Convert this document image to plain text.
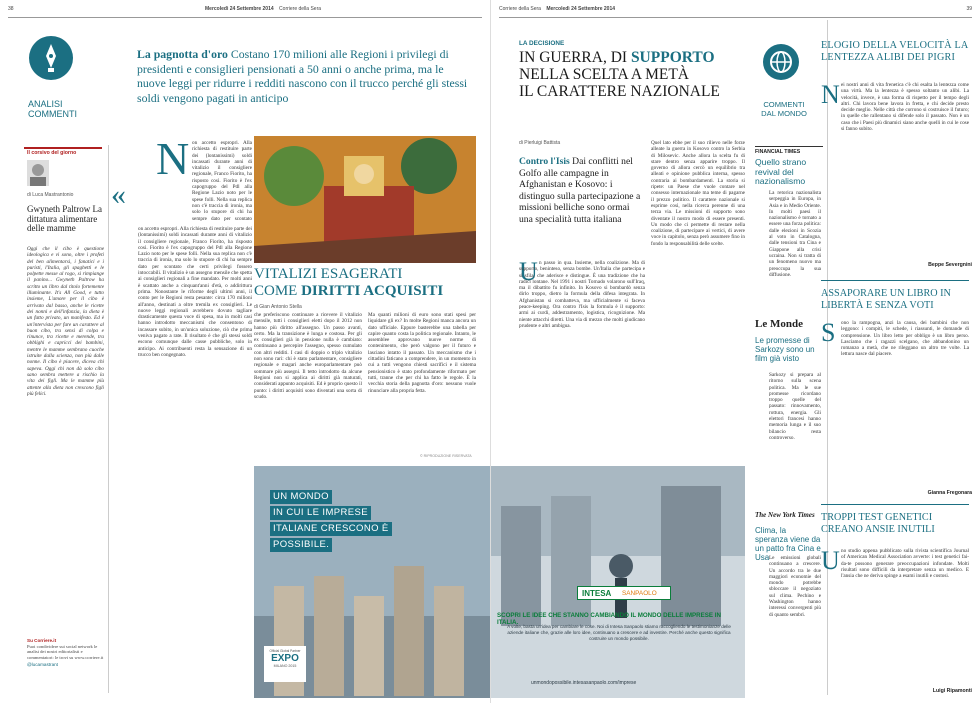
38	Mercoledì 24 Settembre 2014 Corriere della Sera
ANALISI
COMMENTI
La pagnotta d'oro Costano 170 milioni alle Regioni i privilegi di presidenti e consiglieri pensionati a 50 anni o anche prima, ma le nuove leggi per ridurre i redditi nascono con il trucco perché gli stessi soldi vengono pagati in anticipo
Il corsivo del giorno
di Luca Mastrantonio
Gwyneth Paltrow La dittatura alimentare delle mamme
Oggi che il cibo è questione ideologica e vi sono, oltre i profeti del ben alimentarsi, i fanatici e i puristi, l'Italia, gli spaghetti e le polpette messe al rogo, si rimpiange il panino... Gwyneth Paltrow ha scritto un libro dal titolo fortemente illuminante. It's All Good, e tutto insieme, L'amore per il cibo è arrivato dal basso, anche le ricette dei nonni e dell'infanzia, la dieta è un fatto privato, un manifesto. Ed è un'intervista per fare un carattere al buon cibo, tra sensi di colpa e rinunce, tra ricette e merende, tra obblighi e capricci dei bambini, mentre le mamme sembrano cuoche istruite dalla scienza, non più dalle nonne. Il cibo è piacere, diceva chi sapeva. Oggi chi non dà solo cibo sano sembra mettere a rischio la vita dei figli. Ma le mamme più attente alla dieta non crescono figli più felici.
Su Corriere.it
Puoi condividere sui social network le analisi dei nostri editorialisti e commentatori: le trovi su www.corriere.it
@lucamastrant
«
N on accetto espropri. Alla richiesta di restituire parte dei (lontanissimi) soldi incassati durante anni di vitalizio il consigliere regionale, Franco Fiorito, ha risposto così. Fiorito è l'ex capogruppo del Pdl alla Regione Lazio noto per le spese folli. Nella sua replica non c'è traccia di ironia, ma solo lo stupore di chi ha sempre dato per scontato
on accetto espropri. Alla richiesta di restituire parte dei (lontanissimi) soldi incassati durante anni di vitalizio il consigliere regionale, Franco Fiorito, ha risposto così. Fiorito è l'ex capogruppo del Pdl alla Regione Lazio noto per le spese folli. Nella sua replica non c'è traccia di ironia, ma solo lo stupore di chi ha sempre dato per scontato che certi privilegi fossero intoccabili. Il vitalizio è un assegno mensile che spetta ai consiglieri regionali a fine mandato. Per molti anni è scattato anche a cinquant'anni d'età, o addirittura prima. Nonostante le riforme degli ultimi anni, il conto per le Regioni resta pesante: circa 170 milioni all'anno, destinati a oltre tremila ex consiglieri. Le nuove leggi regionali avrebbero dovuto tagliare drasticamente questa voce di spesa, ma in molti casi hanno introdotto meccanismi che consentono di incassare subito, in un'unica soluzione, ciò che prima veniva pagato a rate. Il risultato è che gli stessi soldi escono comunque dalle casse pubbliche, solo in anticipo. Ai contribuenti resta la sensazione di un trucco ben congegnato.
VITALIZI ESAGERATI
COME DIRITTI ACQUISITI
di Gian Antonio Stella
che preferiscono continuare a ricevere il vitalizio mensile, tutti i consiglieri eletti dopo il 2012 non hanno più diritto all'assegno. Un passo avanti, certo. Ma la transizione è lunga e costosa. Per gli ex consiglieri già in pensione nulla è cambiato: continuano a percepire l'assegno, spesso cumulato con altri redditi. I casi di doppio o triplo vitalizio non sono rari: chi è stato parlamentare, consigliere regionale e magari anche europarlamentare può sommare più assegni. Il tetto introdotto da alcune Regioni non si applica ai diritti già maturati, considerati appunto acquisiti. Ed è proprio questo il punto: i diritti acquisiti sono diventati una sorta di scudo.
Ma quanti milioni di euro sono stati spesi per liquidare gli ex? In molte Regioni manca ancora un dato ufficiale. Eppure basterebbe una tabella per capire quanto costa la politica regionale. Intanto, le assemblee approvano nuove norme di contenimento, che però valgono per il futuro e lasciano intatto il passato. Un meccanismo che i cittadini faticano a comprendere, in un momento in cui a tutti vengono chiesti sacrifici e il sistema pensionistico è stato profondamente riformato per tutti, tranne che per chi ha fatto le regole. È la vecchia storia della pagnotta d'oro: nessuno vuole rinunciare alla propria fetta.
© RIPRODUZIONE RISERVATA
UN MONDO
IN CUI LE IMPRESE
ITALIANE CRESCONO È
POSSIBILE.
Official Global Partner
EXPO
MILANO 2015
Corriere della Sera Mercoledì 24 Settembre 2014	39
LA DECISIONE
IN GUERRA, DI SUPPORTO
NELLA SCELTA A METÀ
IL CARATTERE NAZIONALE
Contro l'Isis Dai conflitti nel Golfo alle campagne in Afghanistan e Kosovo: i distinguo sulla partecipazione a missioni belliche sono ormai una specialità tutta italiana
di Pierluigi Battista
U n passo in qua. Insieme, nella coalizione. Ma di supporto, beninteso, senza bombe. Un'Italia che partecipa e si sfila, che aderisce e distingue. È una tradizione che ha radici lontane. Nel 1991 i nostri Tornado volarono sull'Iraq, ma il dibattito fu infinito. In Kosovo si bombardò senza dirlo troppo, dietro la formula della difesa integrata. In Afghanistan si combatteva, ma ufficialmente si faceva peace-keeping. Ora contro l'Isis la formula è il supporto: armi ai curdi, addestramento, logistica, ricognizione. Ma niente attacchi diretti. Una via di mezzo che molti giudicano prudente e altri ambigua.
Quel lato ebbe per il suo rilievo nelle forze alleate la guerra in Kosovo contro la Serbia di Milosevic. Anche allora la scelta fu di stare dentro senza apparire troppo. Il governo di allora cercò un equilibrio tra alleati e opinione pubblica interna, spesso contraria ai bombardamenti. La storia si ripete: un Paese che vuole contare nel consesso internazionale ma teme di pagarne il prezzo politico. Il carattere nazionale si esprime così, nella ricerca perenne di una terza via. Le missioni di supporto sono diventate il nostro modo di essere presenti. Un modo che ci permette di restare nella coalizione, di partecipare ai vertici, di avere voce in capitolo, senza però assumere fino in fondo la responsabilità delle scelte.
COMMENTI
DAL MONDO
FINANCIAL TIMES
Quello strano revival del nazionalismo
La retorica nazionalista serpeggia in Europa, in Asia e in Medio Oriente. In molti paesi il nazionalismo è tornato a essere una forza politica: dalle elezioni in Scozia al voto in Catalogna, dalle tensioni tra Cina e Giappone alla crisi ucraina. Non si tratta di un fenomeno nuovo ma preoccupa la sua diffusione.
Le Monde
Le promesse di Sarkozy sono un film già visto
Sarkozy si prepara al ritorno sulla scena politica. Ma le sue promesse ricordano troppo quelle del passato: rinnovamento, rottura, energia. Gli elettori francesi hanno memoria lunga e il suo bilancio resta controverso.
The New York Times
Clima, la speranza viene da un patto fra Cina e Usa Le emissioni globali continuano a crescere. Un accordo tra le due maggiori economie del mondo potrebbe sbloccare il negoziato sul clima. Pechino e Washington hanno interessi convergenti più di quanto sembri.
ELOGIO DELLA VELOCITÀ LA LENTEZZA ALIBI DEI PIGRI
N ei nostri anni di vita frenetica c'è chi esalta la lentezza come una virtù. Ma la lentezza è spesso soltanto un alibi. La velocità, invece, è una forma di rispetto per il tempo degli altri. Chi lavora bene lavora in fretta, e chi decide presto decide meglio. Nelle città che corrono si costruisce il futuro; in quelle che rallentano si difende solo il passato. Non è un caso che i Paesi più dinamici siano anche quelli in cui le cose si fanno subito.
Beppe Severgnini
ASSAPORARE UN LIBRO IN LIBERTÀ E SENZA VOTI
S ono la rampogna, anzi la causa, dei bambini che non leggono: i compiti, le schede, i riassunti, le domande di comprensione. Un libro letto per obbligo è un libro perso. Lasciamo che i ragazzi scelgano, che abbandonino un romanzo a metà, che ne rileggano un altro tre volte. La lettura nasce dal piacere.
Gianna Fregonara
TROPPI TEST GENETICI CREANO ANSIE INUTILI
U no studio appena pubblicato sulla rivista scientifica Journal of American Medical Association avverte: i test genetici fai-da-te possono generare preoccupazioni infondate. Molti risultati sono difficili da interpretare senza un medico. E l'ansia che ne deriva spinge a esami inutili e costosi.
Luigi Ripamonti
INTESA SANPAOLO
SCOPRI LE IDEE CHE STANNO CAMBIANDO IL MONDO DELLE IMPRESE IN ITALIA.
A volte, basta un'idea per cambiare le cose. Noi di Intesa Sanpaolo stiamo raccogliendo le testimonianze delle aziende italiane che, grazie alle loro idee, continuano a crescere e ad investire. Perché anche questo significa costruire un mondo possibile.
unmondopossibile.intesasanpaolo.com/imprese
